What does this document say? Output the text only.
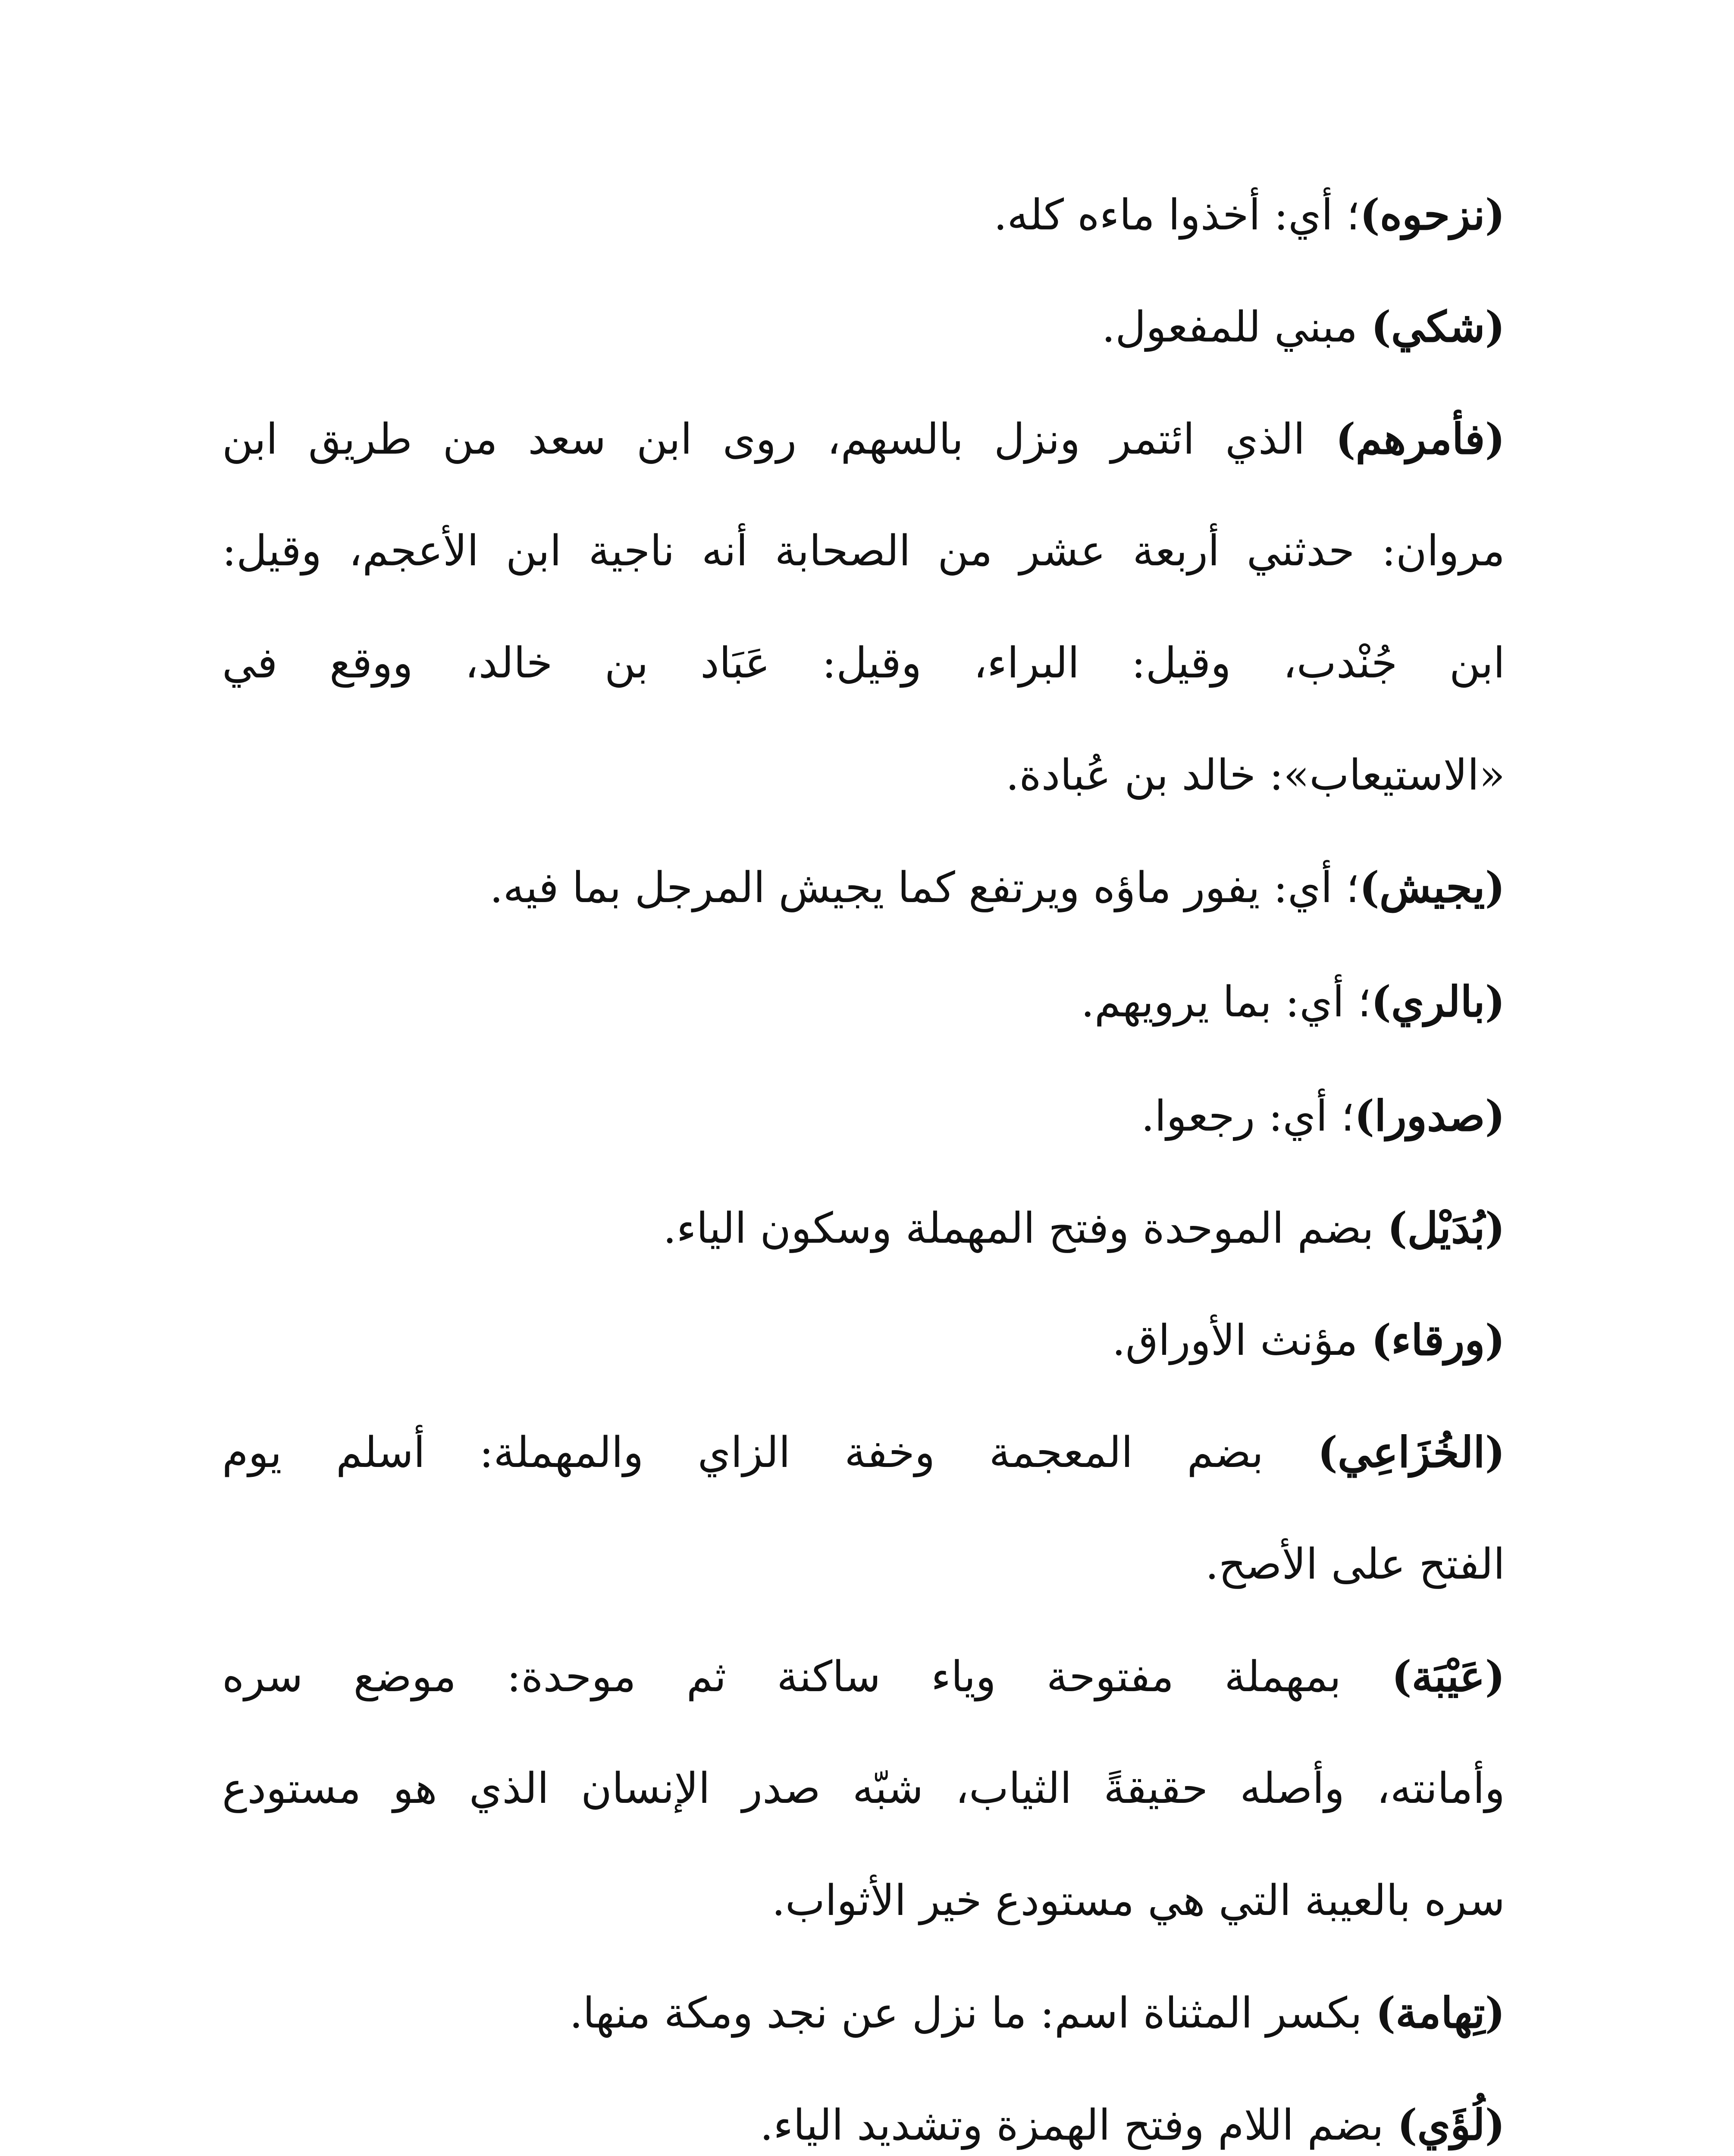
(نزحوه)؛ أي: أخذوا ماءه كله.
(شكي) مبني للمفعول.
(فأمرهم) الذي ائتمر ونزل بالسهم، روى ابن سعد من طريق ابن
مروان: حدثني أربعة عشر من الصحابة أنه ناجية ابن الأعجم، وقيل:
ابن جُنْدب، وقيل: البراء، وقيل: عَبَاد بن خالد، ووقع في
«الاستيعاب»: خالد بن عُبادة.
(يجيش)؛ أي: يفور ماؤه ويرتفع كما يجيش المرجل بما فيه.
(بالري)؛ أي: بما يرويهم.
(صدورا)؛ أي: رجعوا.
(بُدَيْل) بضم الموحدة وفتح المهملة وسكون الياء.
(ورقاء) مؤنث الأوراق.
(الخُزَاعِي) بضم المعجمة وخفة الزاي والمهملة: أسلم يوم
الفتح على الأصح.
(عَيْبَة) بمهملة مفتوحة وياء ساكنة ثم موحدة: موضع سره
وأمانته، وأصله حقيقةً الثياب، شبّه صدر الإنسان الذي هو مستودع
سره بالعيبة التي هي مستودع خير الأثواب.
(تِهامة) بكسر المثناة اسم: ما نزل عن نجد ومكة منها.
(لُؤَي) بضم اللام وفتح الهمزة وتشديد الياء.
